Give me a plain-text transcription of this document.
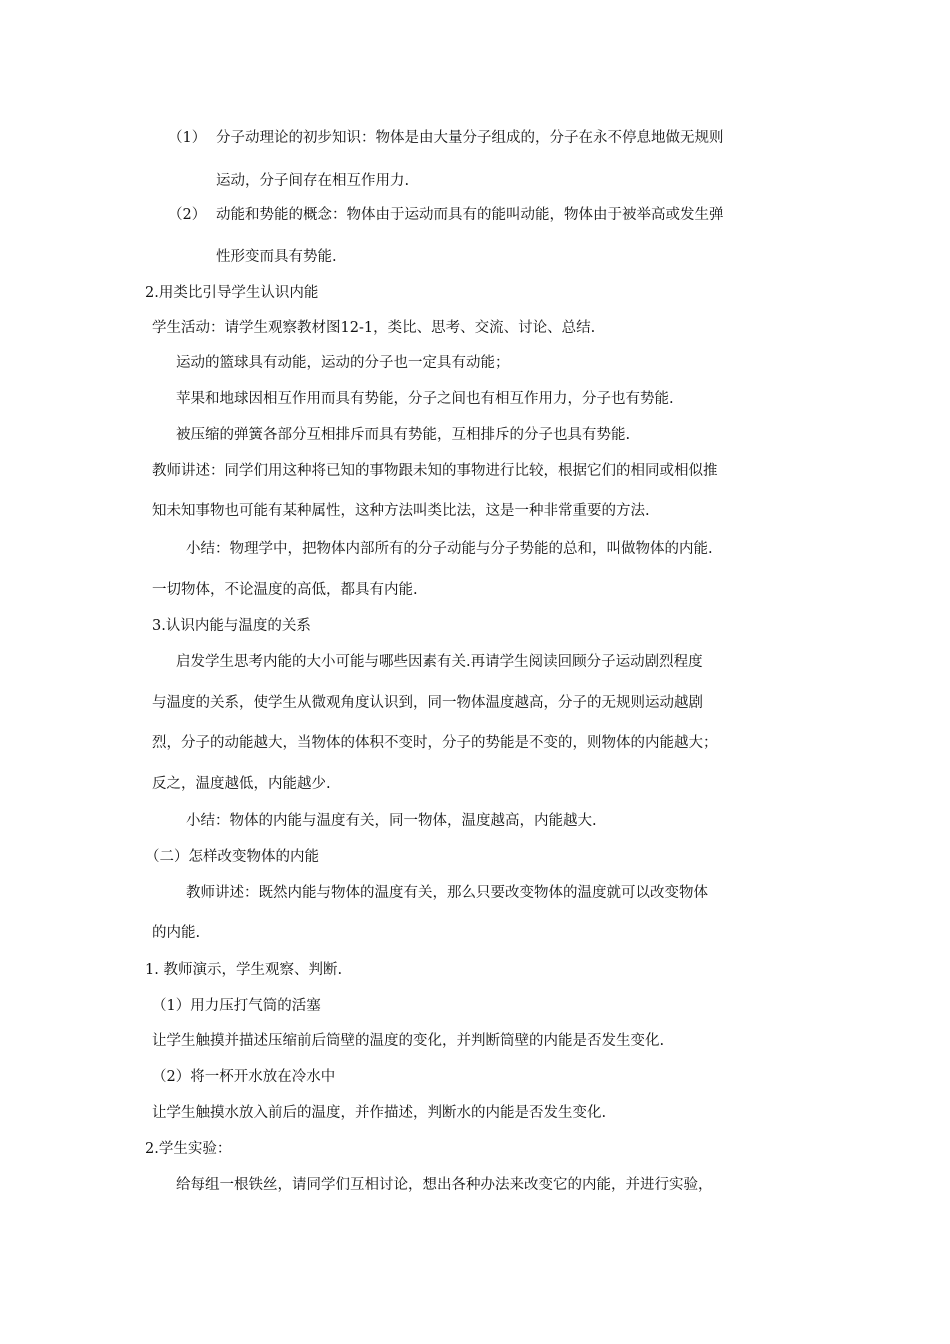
（1） 分子动理论的初步知识：物体是由大量分子组成的，分子在永不停息地做无规则
运动，分子间存在相互作用力.
（2） 动能和势能的概念：物体由于运动而具有的能叫动能，物体由于被举高或发生弹
性形变而具有势能.
2.用类比引导学生认识内能
学生活动：请学生观察教材图12-1，类比、思考、交流、讨论、总结.
运动的篮球具有动能，运动的分子也一定具有动能；
苹果和地球因相互作用而具有势能，分子之间也有相互作用力，分子也有势能.
被压缩的弹簧各部分互相排斥而具有势能，互相排斥的分子也具有势能.
教师讲述：同学们用这种将已知的事物跟未知的事物进行比较，根据它们的相同或相似推
知未知事物也可能有某种属性，这种方法叫类比法，这是一种非常重要的方法.
小结：物理学中，把物体内部所有的分子动能与分子势能的总和，叫做物体的内能.
一切物体，不论温度的高低，都具有内能.
3.认识内能与温度的关系
启发学生思考内能的大小可能与哪些因素有关.再请学生阅读回顾分子运动剧烈程度
与温度的关系，使学生从微观角度认识到，同一物体温度越高，分子的无规则运动越剧
烈，分子的动能越大，当物体的体积不变时，分子的势能是不变的，则物体的内能越大；
反之，温度越低，内能越少.
小结：物体的内能与温度有关，同一物体，温度越高，内能越大.
（二）怎样改变物体的内能
教师讲述：既然内能与物体的温度有关，那么只要改变物体的温度就可以改变物体
的内能.
1. 教师演示，学生观察、判断.
（1）用力压打气筒的活塞
让学生触摸并描述压缩前后筒壁的温度的变化，并判断筒壁的内能是否发生变化.
（2）将一杯开水放在冷水中
让学生触摸水放入前后的温度，并作描述，判断水的内能是否发生变化.
2.学生实验：
给每组一根铁丝，请同学们互相讨论，想出各种办法来改变它的内能，并进行实验，
